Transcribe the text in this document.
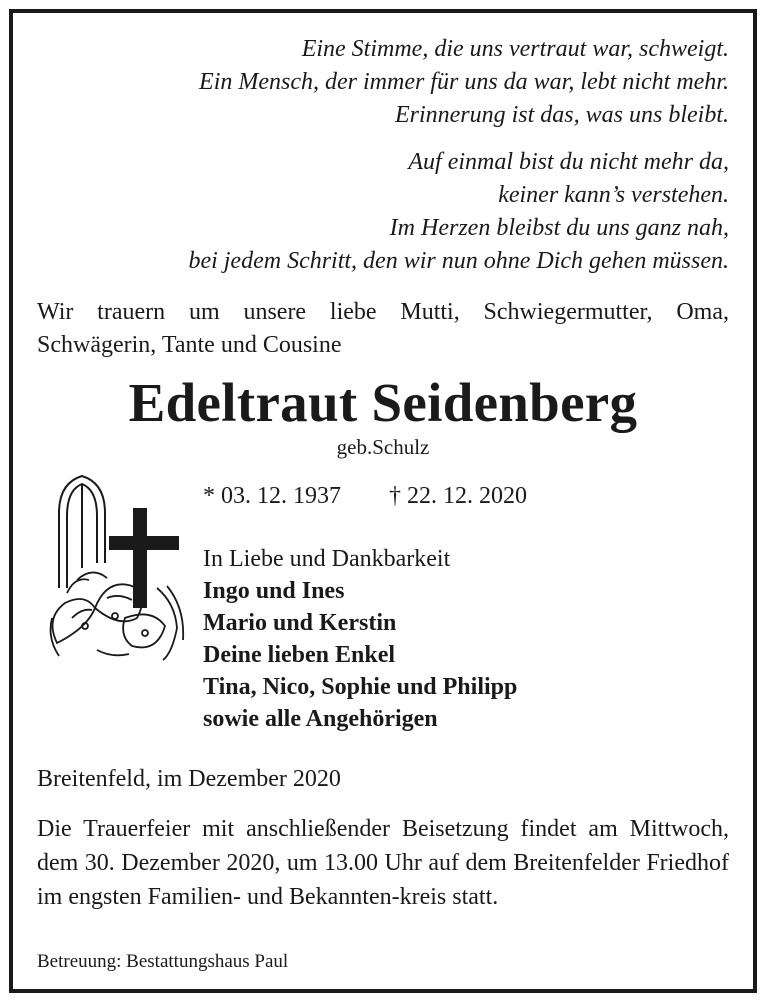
Eine Stimme, die uns vertraut war, schweigt.
Ein Mensch, der immer für uns da war, lebt nicht mehr.
Erinnerung ist das, was uns bleibt.
Auf einmal bist du nicht mehr da,
keiner kann’s verstehen.
Im Herzen bleibst du uns ganz nah,
bei jedem Schritt, den wir nun ohne Dich gehen müssen.
Wir trauern um unsere liebe Mutti, Schwiegermutter, Oma,
Schwägerin, Tante und Cousine
Edeltraut Seidenberg
geb.Schulz
* 03. 12. 1937 † 22. 12. 2020
In Liebe und Dankbarkeit
Ingo und Ines
Mario und Kerstin
Deine lieben Enkel
Tina, Nico, Sophie und Philipp
sowie alle Angehörigen
Breitenfeld, im Dezember 2020
Die Trauerfeier mit anschließender Beisetzung findet am Mittwoch, dem 30. Dezember 2020, um 13.00 Uhr auf dem Breitenfelder Friedhof im engsten Familien- und Bekannten-kreis statt.
Betreuung: Bestattungshaus Paul
